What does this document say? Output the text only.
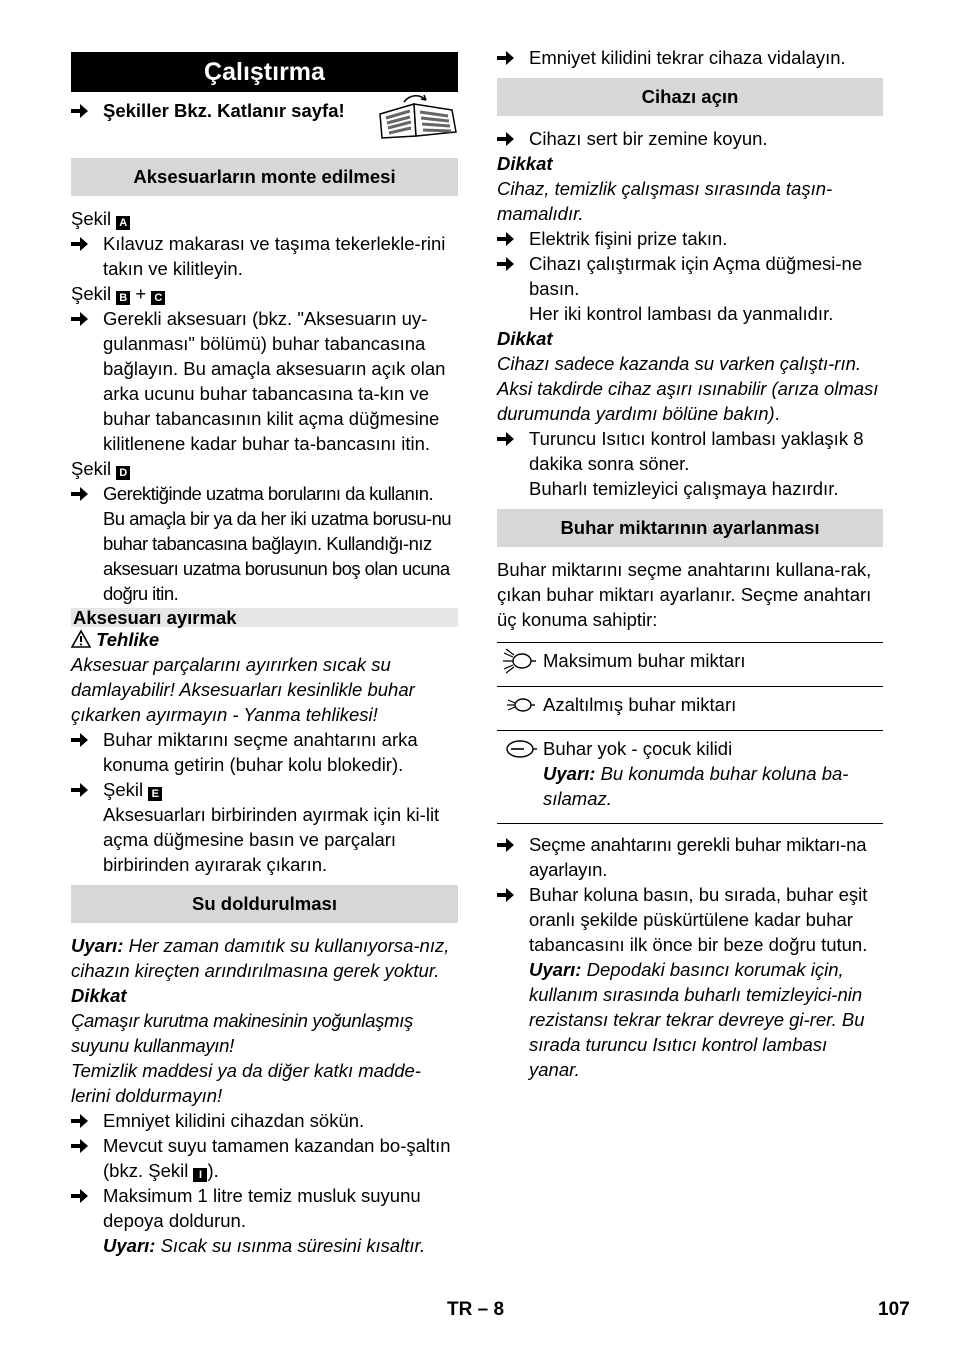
Çalıştırma

Şekiller Bkz. Katlanır sayfa!

Aksesuarların monte edilmesi

Şekil A

Kılavuz makarası ve taşıma tekerlekle-rini takın ve kilitleyin.

Şekil B + C

Gerekli aksesuarı (bkz. "Aksesuarın uy-gulanması" bölümü) buhar tabancasına bağlayın. Bu amaçla aksesuarın açık olan arka ucunu buhar tabancasına ta-kın ve buhar tabancasının kilit açma düğmesine kilitlenene kadar buhar ta-bancasını itin.

Şekil D

Gerektiğinde uzatma borularını da kullanın. Bu amaçla bir ya da her iki uzatma borusu-nu buhar tabancasına bağlayın. Kullandığı-nız aksesuarı uzatma borusunun boş olan ucuna doğru itin.

Aksesuarı ayırmak

Tehlike

Aksesuar parçalarını ayırırken sıcak su damlayabilir! Aksesuarları kesinlikle buhar çıkarken ayırmayın - Yanma tehlikesi!

Buhar miktarını seçme anahtarını arka konuma getirin (buhar kolu blokedir).

Şekil E

Aksesuarları birbirinden ayırmak için ki-lit açma düğmesine basın ve parçaları birbirinden ayırarak çıkarın.

Su doldurulması

Uyarı: Her zaman damıtık su kullanıyorsa-nız, cihazın kireçten arındırılmasına gerek yoktur.

Dikkat

Çamaşır kurutma makinesinin yoğunlaşmış suyunu kullanmayın!

Temizlik maddesi ya da diğer katkı madde-lerini doldurmayın!

Emniyet kilidini cihazdan sökün.

Mevcut suyu tamamen kazandan bo-şaltın (bkz. Şekil I ).

Maksimum 1 litre temiz musluk suyunu depoya doldurun.

Uyarı: Sıcak su ısınma süresini kısaltır.

Emniyet kilidini tekrar cihaza vidalayın.

Cihazı açın

Cihazı sert bir zemine koyun.

Dikkat

Cihaz, temizlik çalışması sırasında taşın-mamalıdır.

Elektrik fişini prize takın.

Cihazı çalıştırmak için Açma düğmesi-ne basın.

Her iki kontrol lambası da yanmalıdır.

Dikkat

Cihazı sadece kazanda su varken çalıştı-rın. Aksi takdirde cihaz aşırı ısınabilir (arıza olması durumunda yardımı bölüne bakın).

Turuncu Isıtıcı kontrol lambası yaklaşık 8 dakika sonra söner.

Buharlı temizleyici çalışmaya hazırdır.

Buhar miktarının ayarlanması

Buhar miktarını seçme anahtarını kullana-rak, çıkan buhar miktarı ayarlanır. Seçme anahtarı üç konuma sahiptir:

	Maksimum buhar miktarı
	Azaltılmış buhar miktarı

Buhar yok - çocuk kilidi
Uyarı: Bu konumda buhar koluna ba-sılamaz.

Seçme anahtarını gerekli buhar miktarı-na ayarlayın.

Buhar koluna basın, bu sırada, buhar eşit oranlı şekilde püskürtülene kadar buhar tabancasını ilk önce bir beze doğru tutun.

Uyarı: Depodaki basıncı korumak için, kullanım sırasında buharlı temizleyici-nin rezistansı tekrar tekrar devreye gi-rer. Bu sırada turuncu Isıtıcı kontrol lambası yanar.

TR – 8	107
